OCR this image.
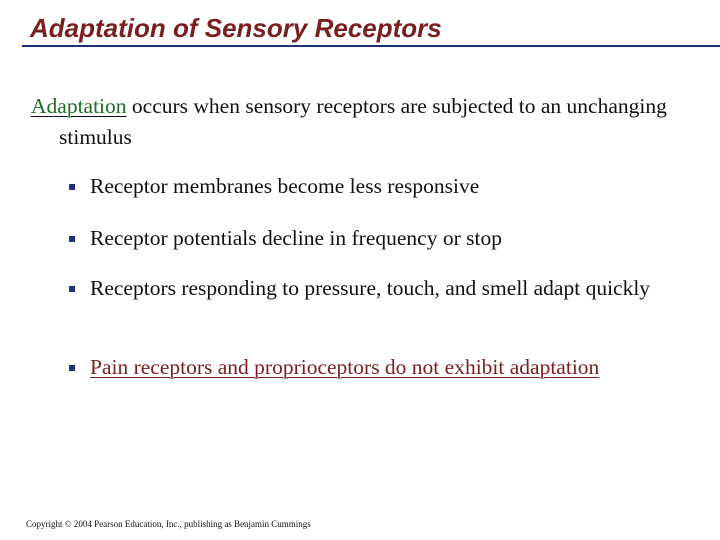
Adaptation of Sensory Receptors

Adaptation occurs when sensory receptors are subjected to an unchanging stimulus

▪ Receptor membranes become less responsive
▪ Receptor potentials decline in frequency or stop
▪ Receptors responding to pressure, touch, and smell adapt quickly
▪ Pain receptors and proprioceptors do not exhibit adaptation

Copyright © 2004 Pearson Education, Inc., publishing as Benjamin Cummings
